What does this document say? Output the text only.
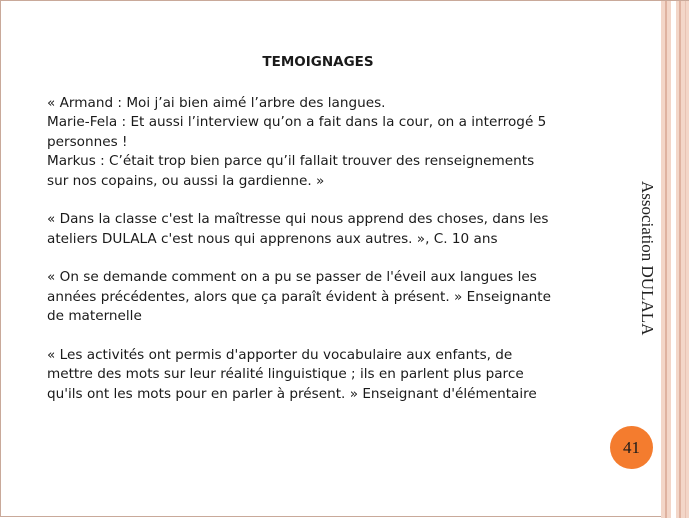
TEMOIGNAGES
« Armand : Moi j’ai bien aimé l’arbre des langues.
Marie-Fela : Et aussi l’interview qu’on a fait dans la cour, on a interrogé 5
personnes !
Markus : C’était trop bien parce qu’il fallait trouver des renseignements
sur nos copains, ou aussi la gardienne. »
« Dans la classe c'est la maîtresse qui nous apprend des choses, dans les
ateliers DULALA c'est nous qui apprenons aux autres. », C. 10 ans
« On se demande comment on a pu se passer de l'éveil aux langues les
années précédentes, alors que ça paraît évident à présent. » Enseignante
de maternelle
« Les activités ont permis d'apporter du vocabulaire aux enfants, de
mettre des mots sur leur réalité linguistique ; ils en parlent plus parce
qu'ils ont les mots pour en parler à présent. » Enseignant d'élémentaire
Association DULALA
41
